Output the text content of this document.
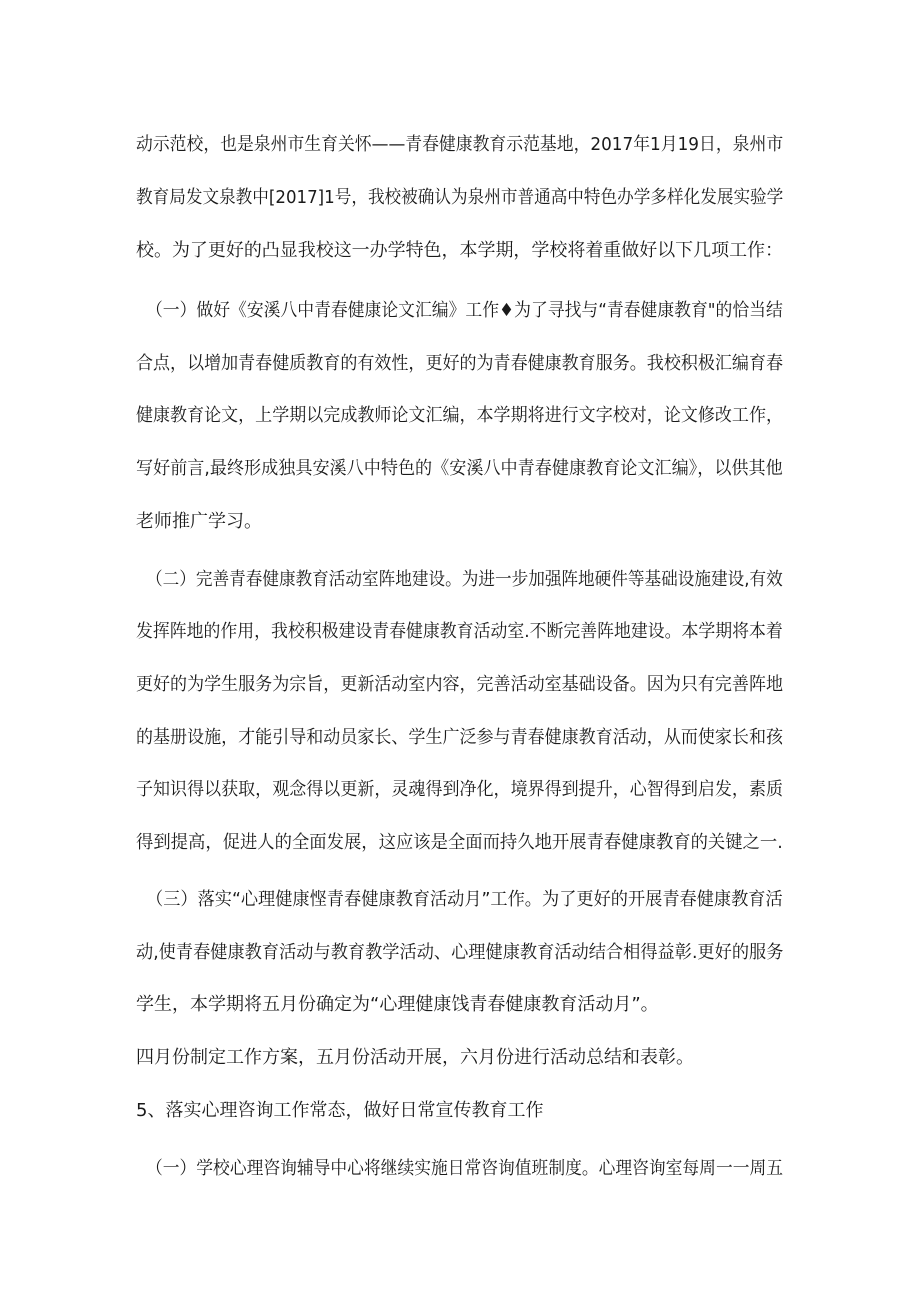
动示范校，也是泉州市生育关怀——青春健康教育示范基地，2017年1月19日，泉州市
教育局发文泉教中[2017]1号，我校被确认为泉州市普通高中特色办学多样化发展实验学
校。为了更好的凸显我校这一办学特色，本学期，学校将着重做好以下几项工作：
（一）做好《安溪八中青春健康论文汇编》工作♦为了寻找与“青春健康教育"的恰当结
合点，以增加青春健质教育的有效性，更好的为青春健康教育服务。我校积极汇编育春
健康教育论文，上学期以完成教师论文汇编，本学期将进行文字校对，论文修改工作，
写好前言,最终形成独具安溪八中特色的《安溪八中青春健康教育论文汇编》，以供其他
老师推广学习。
（二）完善青春健康教育活动室阵地建设。为进一步加强阵地硬件等基础设施建设,有效
发挥阵地的作用，我校积极建设青春健康教育活动室.不断完善阵地建设。本学期将本着
更好的为学生服务为宗旨，更新活动室内容，完善活动室基础设备。因为只有完善阵地
的基册设施，才能引导和动员家长、学生广泛参与青春健康教育活动，从而使家长和孩
子知识得以获取，观念得以更新，灵魂得到净化，境界得到提升，心智得到启发，素质
得到提高，促进人的全面发展，这应该是全面而持久地开展青春健康教育的关键之一.
（三）落实“心理健康悭青春健康教育活动月”工作。为了更好的开展青春健康教育活
动,使青春健康教育活动与教育教学活动、心理健康教育活动结合相得益彰.更好的服务
学生，本学期将五月份确定为“心理健康饯青春健康教育活动月”。
四月份制定工作方案，五月份活动开展，六月份进行活动总结和表彰。
5、落实心理咨询工作常态，做好日常宣传教育工作
（一）学校心理咨询辅导中心将继续实施日常咨询值班制度。心理咨询室每周一一周五
